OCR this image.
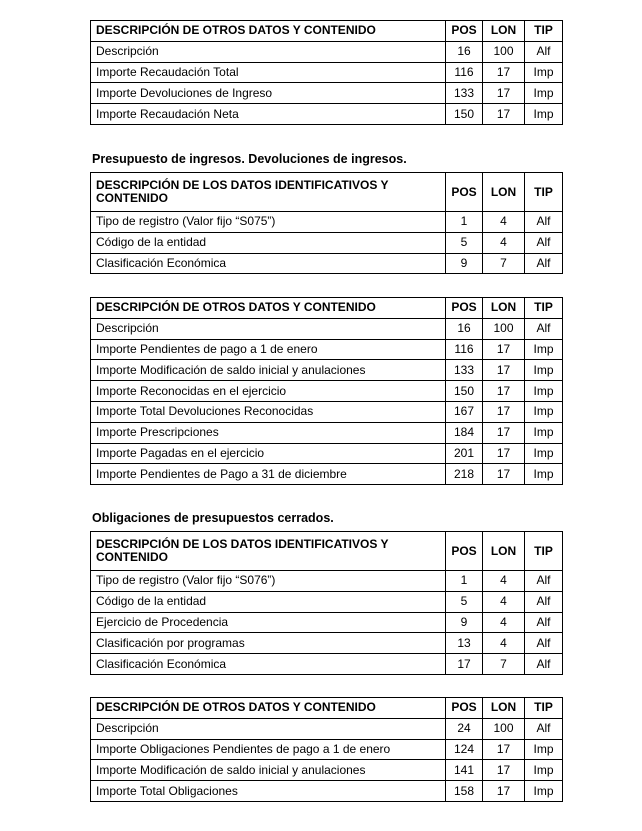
DESCRIPCIÓN DE OTROS DATOS Y CONTENIDO	POS	LON	TIP
Descripción	16	100	Alf
Importe Recaudación Total	116	17	Imp
Importe Devoluciones de Ingreso	133	17	Imp
Importe Recaudación Neta	150	17	Imp
Presupuesto de ingresos. Devoluciones de ingresos.
DESCRIPCIÓN DE LOS DATOS IDENTIFICATIVOS Y CONTENIDO	POS	LON	TIP
Tipo de registro (Valor fijo “S075”)	1	4	Alf
Código de la entidad	5	4	Alf
Clasificación Económica	9	7	Alf
DESCRIPCIÓN DE OTROS DATOS Y CONTENIDO	POS	LON	TIP
Descripción	16	100	Alf
Importe Pendientes de pago a 1 de enero	116	17	Imp
Importe Modificación de saldo inicial y anulaciones	133	17	Imp
Importe Reconocidas en el ejercicio	150	17	Imp
Importe Total Devoluciones Reconocidas	167	17	Imp
Importe Prescripciones	184	17	Imp
Importe Pagadas en el ejercicio	201	17	Imp
Importe Pendientes de Pago a 31 de diciembre	218	17	Imp
Obligaciones de presupuestos cerrados.
DESCRIPCIÓN DE LOS DATOS IDENTIFICATIVOS Y CONTENIDO	POS	LON	TIP
Tipo de registro (Valor fijo “S076”)	1	4	Alf
Código de la entidad	5	4	Alf
Ejercicio de Procedencia	9	4	Alf
Clasificación por programas	13	4	Alf
Clasificación Económica	17	7	Alf
DESCRIPCIÓN DE OTROS DATOS Y CONTENIDO	POS	LON	TIP
Descripción	24	100	Alf
Importe Obligaciones Pendientes de pago a 1 de enero	124	17	Imp
Importe Modificación de saldo inicial y anulaciones	141	17	Imp
Importe Total Obligaciones	158	17	Imp
